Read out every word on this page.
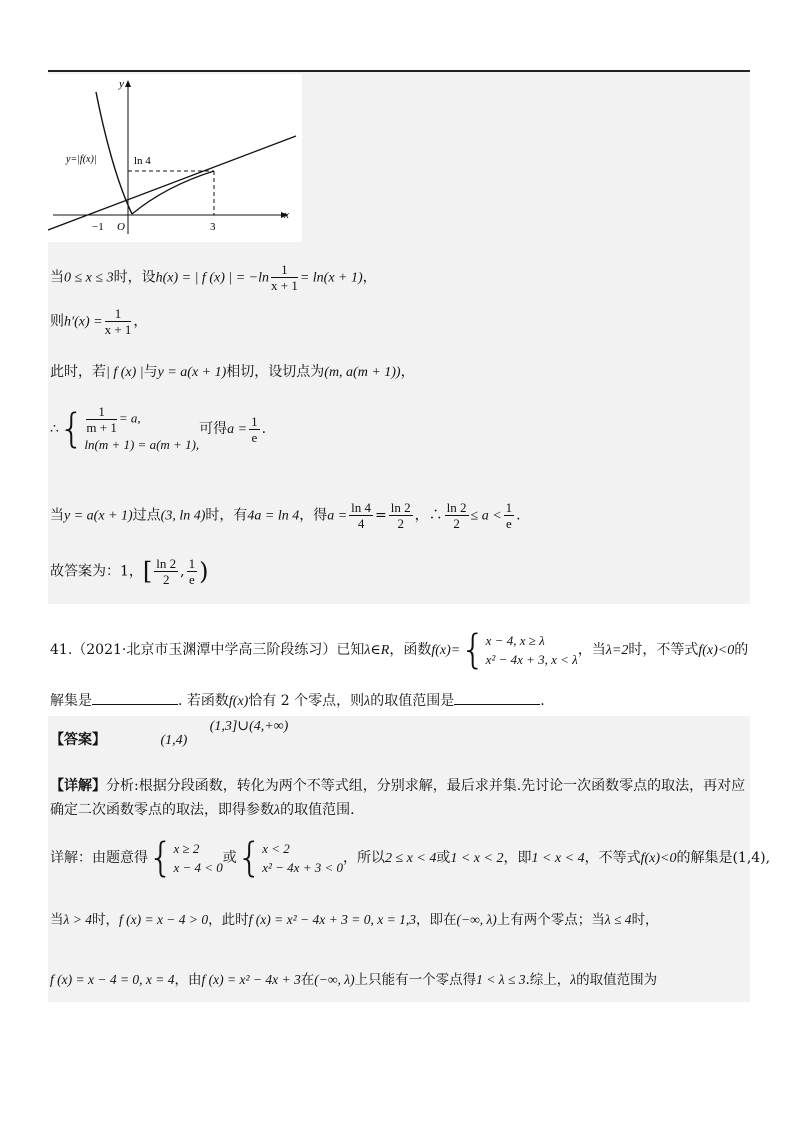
y
x
ln 4
y=|f(x)|
−1 O	3
当0 ≤ x ≤ 3时，设h(x) = | f (x) | = $-\ln \frac{1}{x + 1} = \ln(x + 1)$，
则$h'(x) = \frac{1}{x + 1}$ ，
此时，若| f (x) |与y = a(x + 1)相切，设切点为(m, a(m + 1))，
∴{ $\frac{1}{m + 1} = a$,
ln(m + 1) = a(m + 1),
可得$a = \frac{1}{e}$ .
当y = a(x + 1)过点(3, ln 4)时，有4a = ln 4，得$a = \frac{\ln 4}{4} = \frac{\ln 2}{2}$ ，∴ $\frac{\ln 2}{2} \le a < \frac{1}{e}$ .
故答案为：1，[ $\frac{\ln 2}{2}$ , $\frac{1}{e}$ )
41.（2021·北京市玉渊潭中学高三阶段练习）已知λ∈R，函数f(x)={ x − 4, x ≥ λ
x² − 4x + 3, x < λ
，当λ=2时，不等式f(x)<0的
解集是	. 若函数f(x)恰有 2 个零点，则λ的取值范围是	.
【答案】	(1,4) (1,3]∪(4,+∞)
【详解】分析:根据分段函数，转化为两个不等式组，分别求解，最后求并集.先讨论一次函数零点的取法，再对应
确定二次函数零点的取法，即得参数λ的取值范围.
详解：由题意得{ x ≥ 2
x − 4 < 0
或{ x < 2
x² − 4x + 3 < 0
，所以2 ≤ x < 4或1 < x < 2，即1 < x < 4，不等式f(x)<0的解集是(1,4),
当λ > 4时，f (x) = x − 4 > 0，此时f (x) = x² − 4x + 3 = 0, x = 1,3，即在(−∞, λ)上有两个零点；当λ ≤ 4时，
f (x) = x − 4 = 0, x = 4，由f (x) = x² − 4x + 3在(−∞, λ)上只能有一个零点得1 < λ ≤ 3.综上，λ的取值范围为
